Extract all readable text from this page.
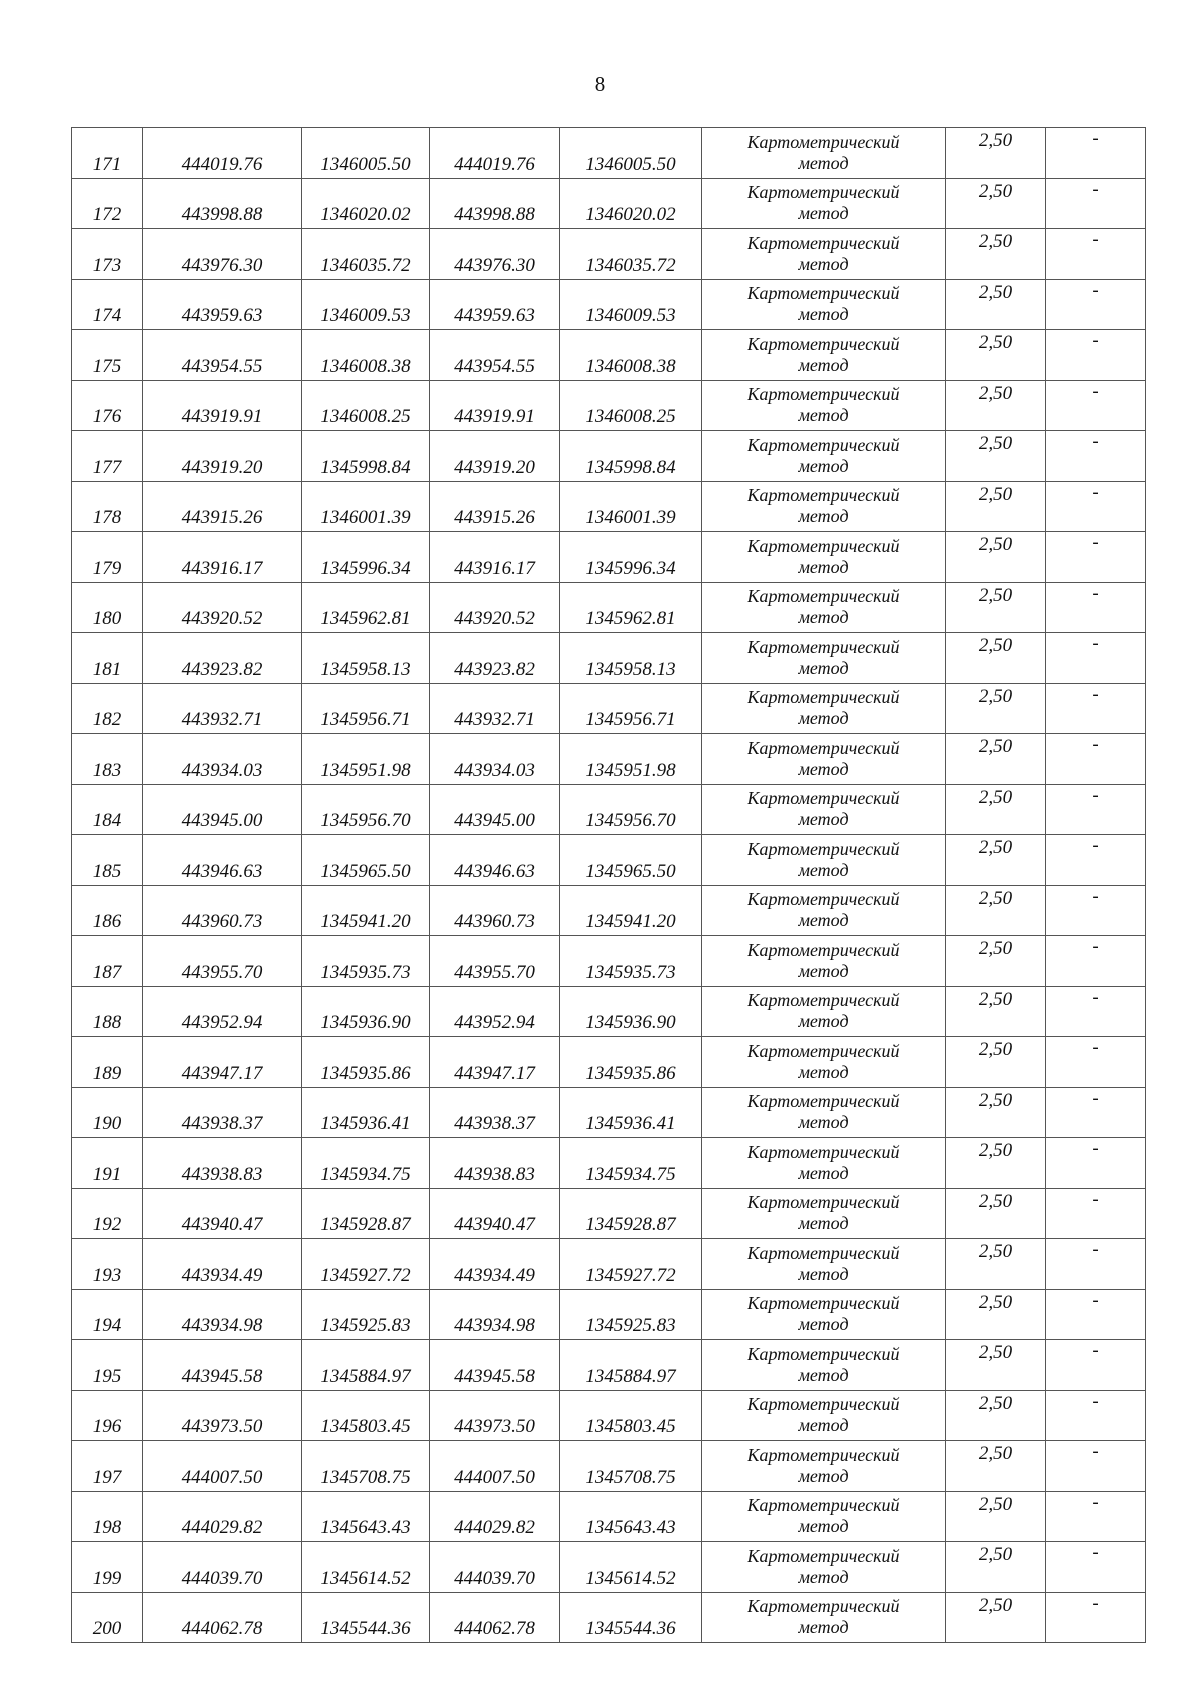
8
171	444019.76	1346005.50	444019.76	1346005.50	Картометрический
метод	2,50	-
172	443998.88	1346020.02	443998.88	1346020.02	Картометрический
метод	2,50	-
173	443976.30	1346035.72	443976.30	1346035.72	Картометрический
метод	2,50	-
174	443959.63	1346009.53	443959.63	1346009.53	Картометрический
метод	2,50	-
175	443954.55	1346008.38	443954.55	1346008.38	Картометрический
метод	2,50	-
176	443919.91	1346008.25	443919.91	1346008.25	Картометрический
метод	2,50	-
177	443919.20	1345998.84	443919.20	1345998.84	Картометрический
метод	2,50	-
178	443915.26	1346001.39	443915.26	1346001.39	Картометрический
метод	2,50	-
179	443916.17	1345996.34	443916.17	1345996.34	Картометрический
метод	2,50	-
180	443920.52	1345962.81	443920.52	1345962.81	Картометрический
метод	2,50	-
181	443923.82	1345958.13	443923.82	1345958.13	Картометрический
метод	2,50	-
182	443932.71	1345956.71	443932.71	1345956.71	Картометрический
метод	2,50	-
183	443934.03	1345951.98	443934.03	1345951.98	Картометрический
метод	2,50	-
184	443945.00	1345956.70	443945.00	1345956.70	Картометрический
метод	2,50	-
185	443946.63	1345965.50	443946.63	1345965.50	Картометрический
метод	2,50	-
186	443960.73	1345941.20	443960.73	1345941.20	Картометрический
метод	2,50	-
187	443955.70	1345935.73	443955.70	1345935.73	Картометрический
метод	2,50	-
188	443952.94	1345936.90	443952.94	1345936.90	Картометрический
метод	2,50	-
189	443947.17	1345935.86	443947.17	1345935.86	Картометрический
метод	2,50	-
190	443938.37	1345936.41	443938.37	1345936.41	Картометрический
метод	2,50	-
191	443938.83	1345934.75	443938.83	1345934.75	Картометрический
метод	2,50	-
192	443940.47	1345928.87	443940.47	1345928.87	Картометрический
метод	2,50	-
193	443934.49	1345927.72	443934.49	1345927.72	Картометрический
метод	2,50	-
194	443934.98	1345925.83	443934.98	1345925.83	Картометрический
метод	2,50	-
195	443945.58	1345884.97	443945.58	1345884.97	Картометрический
метод	2,50	-
196	443973.50	1345803.45	443973.50	1345803.45	Картометрический
метод	2,50	-
197	444007.50	1345708.75	444007.50	1345708.75	Картометрический
метод	2,50	-
198	444029.82	1345643.43	444029.82	1345643.43	Картометрический
метод	2,50	-
199	444039.70	1345614.52	444039.70	1345614.52	Картометрический
метод	2,50	-
200	444062.78	1345544.36	444062.78	1345544.36	Картометрический
метод	2,50	-
